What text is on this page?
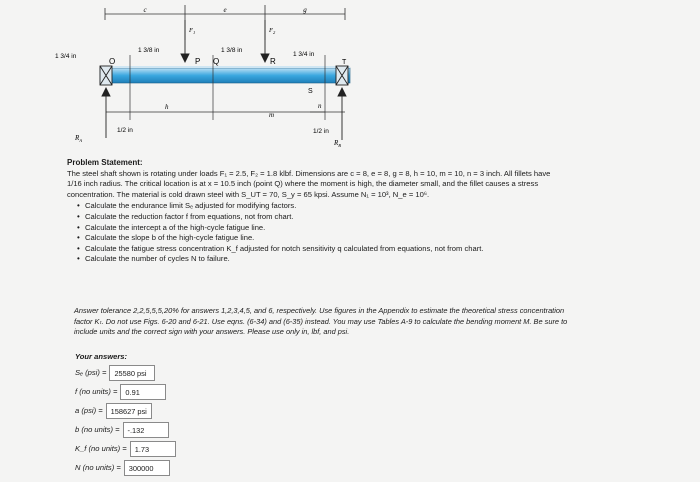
c	e	g
$F_1$	$F_2$
1 3/4 in
O
1 3/8 in
P Q
1 3/8 in
R
1 3/4 in
T
S
h
m
n
1/2 in
$R_A$
1/2 in
$R_B$
Problem Statement:
The steel shaft shown is rotating under loads F₁ = 2.5, F₂ = 1.8 klbf. Dimensions are c = 8, e = 8, g = 8, h = 10, m = 10, n = 3 inch. All fillets have
1/16 inch radius. The critical location is at x = 10.5 inch (point Q) where the moment is high, the diameter small, and the fillet causes a stress
concentration. The material is cold drawn steel with S_UT = 70, S_y = 65 kpsi. Assume N₁ = 10³, N_e = 10⁶.
• Calculate the endurance limit Sₑ adjusted for modifying factors.
• Calculate the reduction factor f from equations, not from chart.
• Calculate the intercept a of the high-cycle fatigue line.
• Calculate the slope b of the high-cycle fatigue line.
• Calculate the fatigue stress concentration K_f adjusted for notch sensitivity q calculated from equations, not from chart.
• Calculate the number of cycles N to failure.
Answer tolerance 2,2,5,5,5,20% for answers 1,2,3,4,5, and 6, respectively. Use figures in the Appendix to estimate the theoretical stress concentration
factor Kₜ. Do not use Figs. 6-20 and 6-21. Use eqns. (6-34) and (6-35) instead. You may use Tables A-9 to calculate the bending moment M. Be sure to
include units and the correct sign with your answers. Please use only in, lbf, and psi.
Your answers:
Sₑ (psi) =	25580 psi
f (no units) =	0.91
a (psi) =	158627 psi
b (no units) =	-.132
K_f (no units) =	1.73
N (no units) =	300000
